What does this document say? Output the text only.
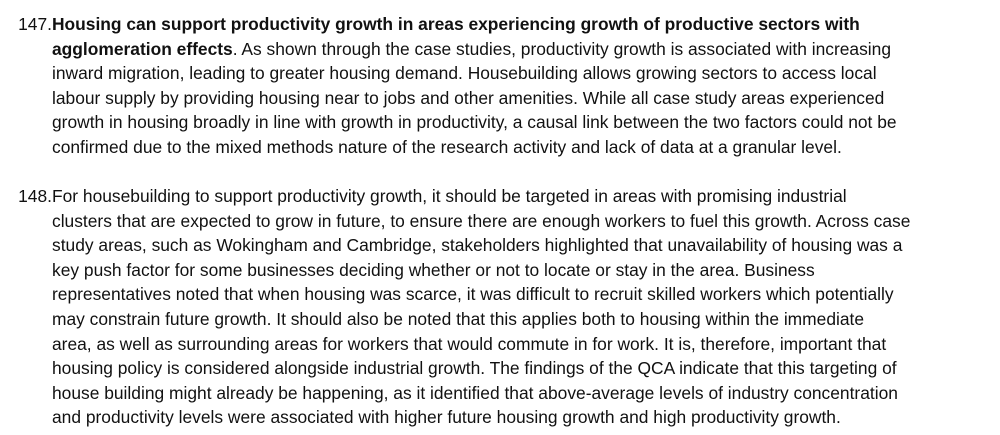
147. Housing can support productivity growth in areas experiencing growth of productive sectors with
agglomeration effects. As shown through the case studies, productivity growth is associated with increasing
inward migration, leading to greater housing demand. Housebuilding allows growing sectors to access local
labour supply by providing housing near to jobs and other amenities. While all case study areas experienced
growth in housing broadly in line with growth in productivity, a causal link between the two factors could not be
confirmed due to the mixed methods nature of the research activity and lack of data at a granular level.
148. For housebuilding to support productivity growth, it should be targeted in areas with promising industrial
clusters that are expected to grow in future, to ensure there are enough workers to fuel this growth. Across case
study areas, such as Wokingham and Cambridge, stakeholders highlighted that unavailability of housing was a
key push factor for some businesses deciding whether or not to locate or stay in the area. Business
representatives noted that when housing was scarce, it was difficult to recruit skilled workers which potentially
may constrain future growth. It should also be noted that this applies both to housing within the immediate
area, as well as surrounding areas for workers that would commute in for work. It is, therefore, important that
housing policy is considered alongside industrial growth. The findings of the QCA indicate that this targeting of
house building might already be happening, as it identified that above-average levels of industry concentration
and productivity levels were associated with higher future housing growth and high productivity growth.
